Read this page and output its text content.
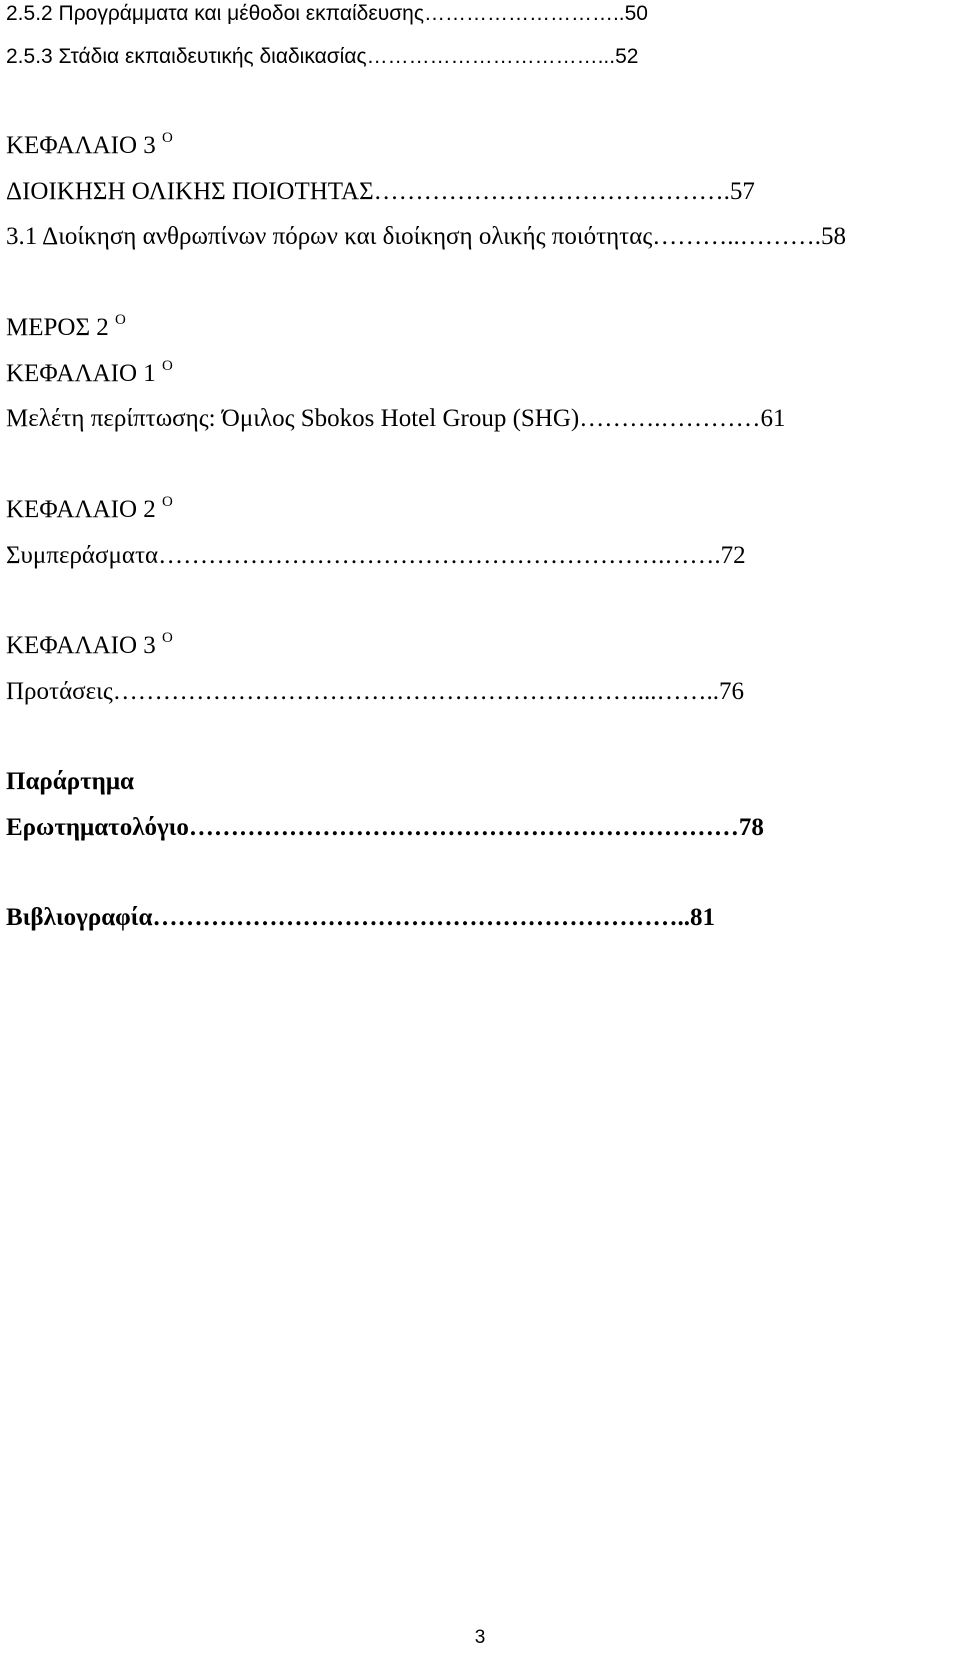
2.5.2 Προγράμματα και μέθοδοι εκπαίδευσης………………………..50
2.5.3 Στάδια εκπαιδευτικής διαδικασίας……………………………...52
ΚΕΦΑΛΑΙΟ 3 $^O$
ΔΙΟΙΚΗΣΗ ΟΛΙΚΗΣ ΠΟΙΟΤΗΤΑΣ…………………………………….57
3.1 Διοίκηση ανθρωπίνων πόρων και διοίκηση ολικής ποιότητας………..……….58
ΜΕΡΟΣ 2 $^O$
ΚΕΦΑΛΑΙΟ 1 $^O$
Μελέτη περίπτωσης: Όμιλος Sbokos Hotel Group (SHG)……….…………61
ΚΕΦΑΛΑΙΟ 2 $^O$
Συμπεράσματα…………………………………………………….…….72
ΚΕΦΑΛΑΙΟ 3 $^O$
Προτάσεις………………………………………………………...……..76
Παράρτημα
Ερωτηματολόγιο…………………………………………………………78
Βιβλιογραφία………………………………………………………..81
3
